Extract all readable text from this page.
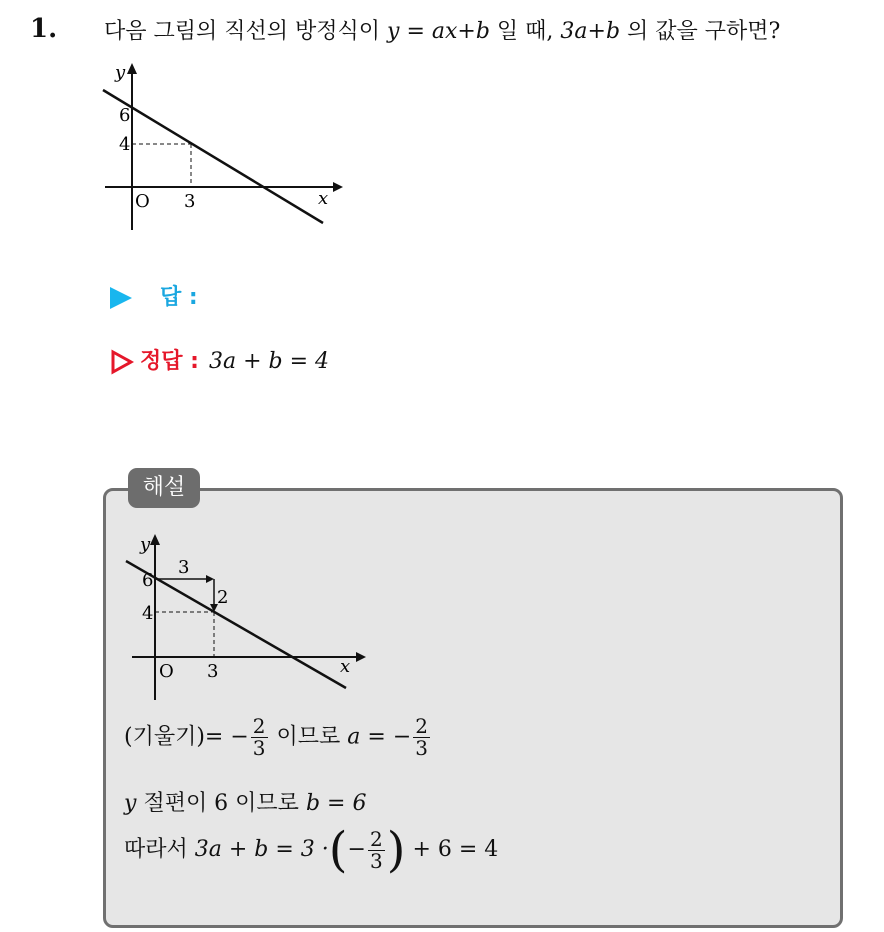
1. 다음 그림의 직선의 방정식이 y = ax+b 일 때, 3a+b 의 값을 구하면?
y
x
O
6
4
3
답 :
정답 : 3a + b = 4
해설
y
x
O
6
4
3
3
2
(기울기)= − $\frac{2}{3}$ 이므로 a = − $\frac{2}{3}$
y 절편이 6 이므로 b = 6
따라서 3a + b = 3 ·(− $\frac{2}{3}$ ) + 6 = 4
